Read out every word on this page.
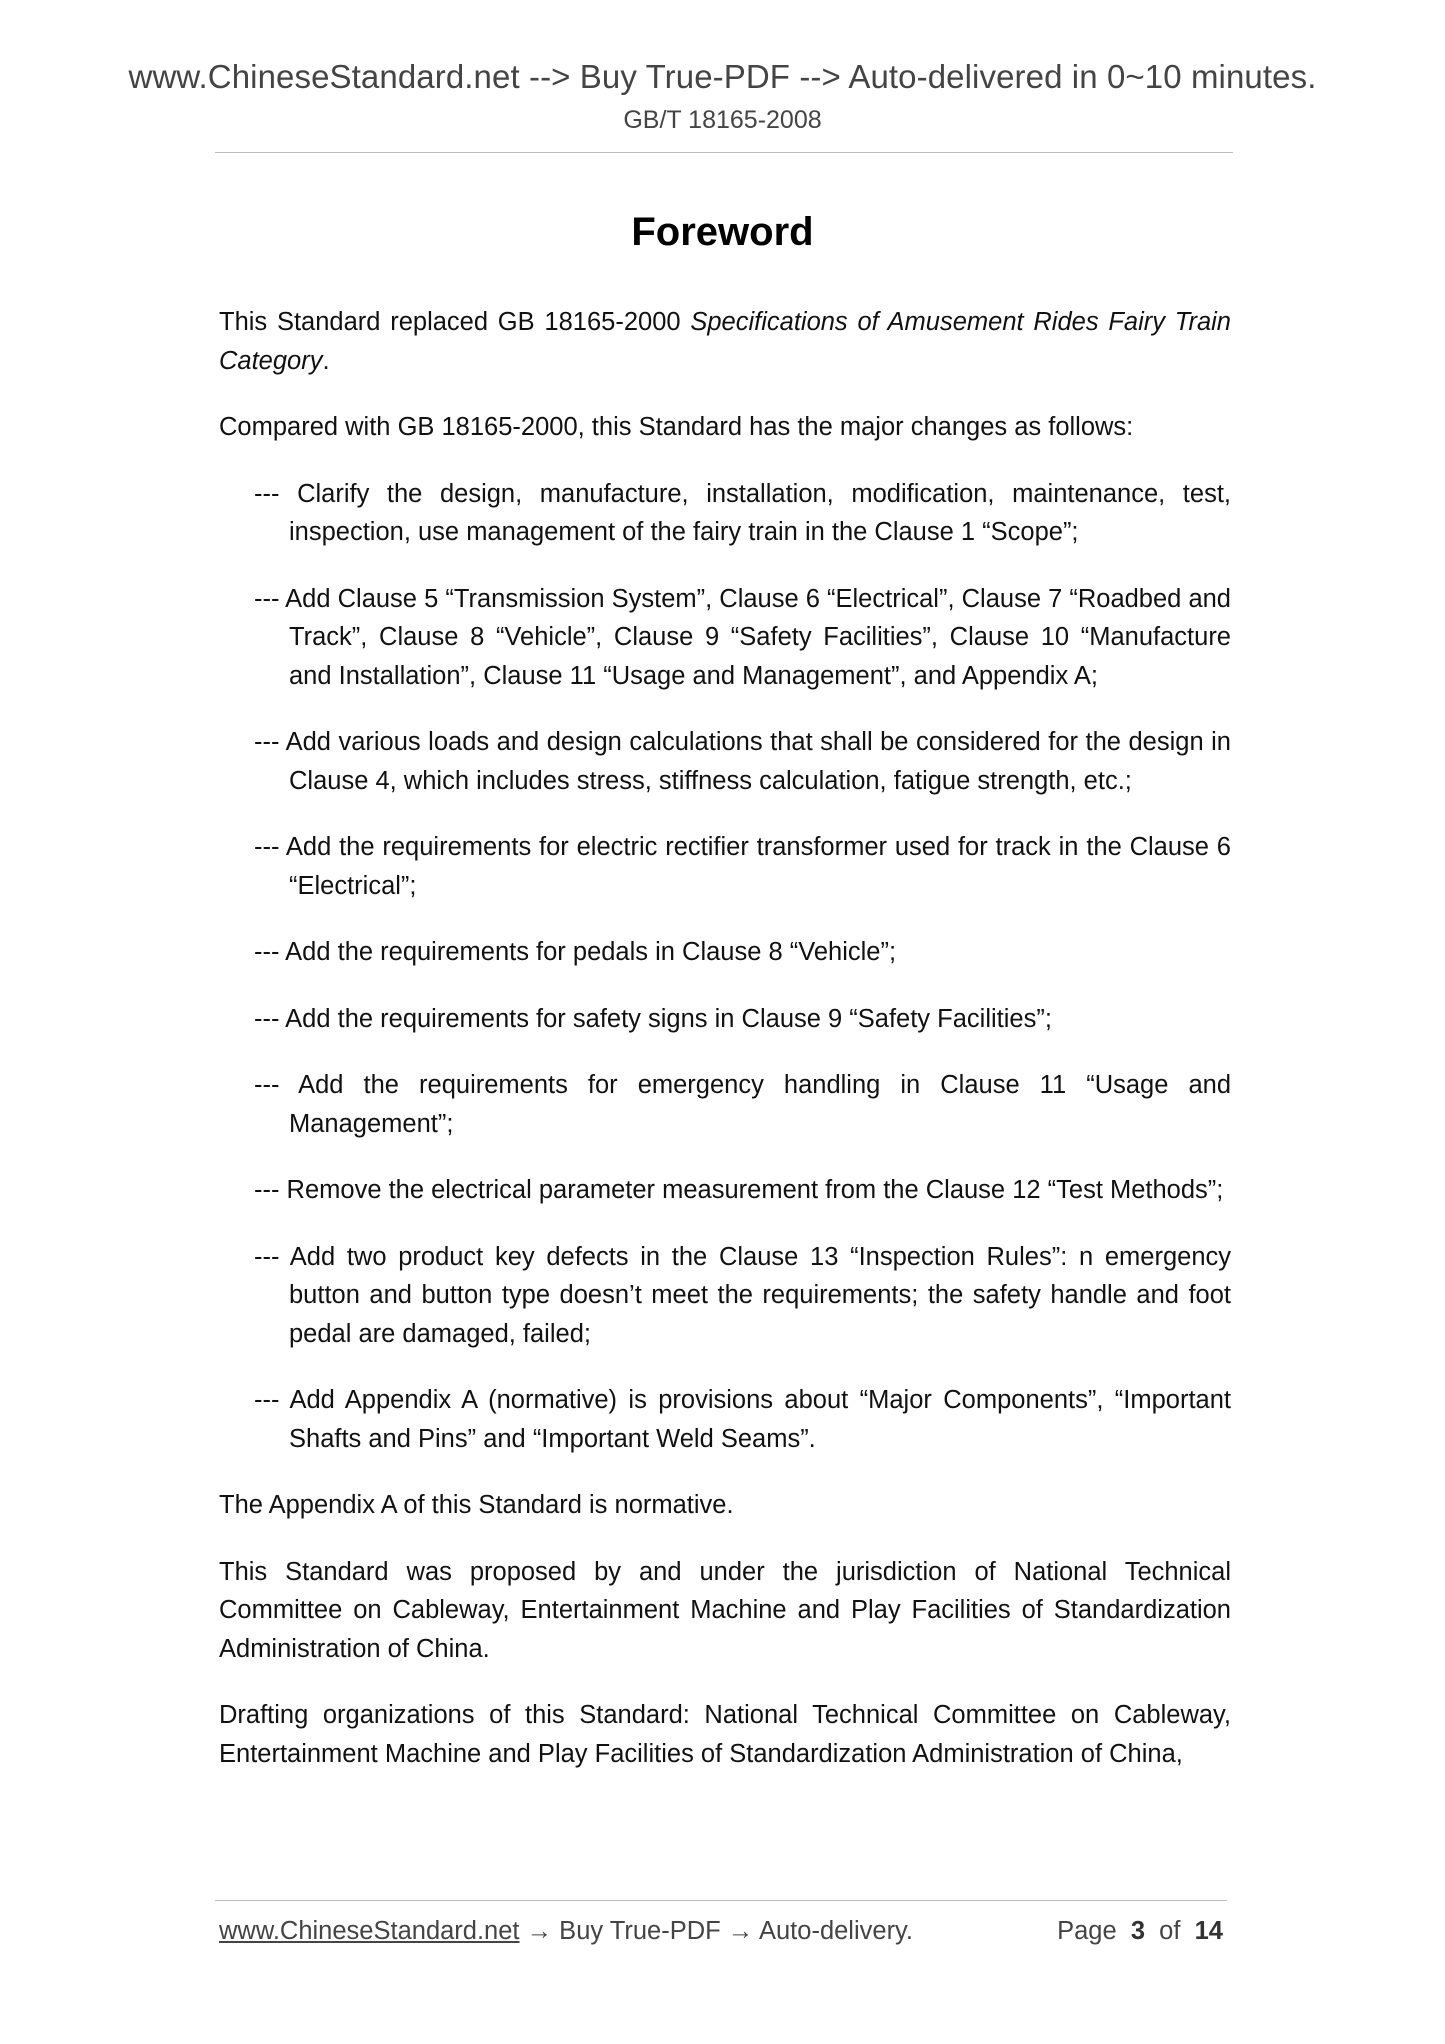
www.ChineseStandard.net --> Buy True-PDF --> Auto-delivered in 0~10 minutes.
GB/T 18165-2008
Foreword

This Standard replaced GB 18165-2000 Specifications of Amusement Rides Fairy Train Category.

Compared with GB 18165-2000, this Standard has the major changes as follows:

--- Clarify the design, manufacture, installation, modification, maintenance, test, inspection, use management of the fairy train in the Clause 1 “Scope”;
--- Add Clause 5 “Transmission System”, Clause 6 “Electrical”, Clause 7 “Roadbed and Track”, Clause 8 “Vehicle”, Clause 9 “Safety Facilities”, Clause 10 “Manufacture and Installation”, Clause 11 “Usage and Management”, and Appendix A;
--- Add various loads and design calculations that shall be considered for the design in Clause 4, which includes stress, stiffness calculation, fatigue strength, etc.;
--- Add the requirements for electric rectifier transformer used for track in the Clause 6 “Electrical”;
--- Add the requirements for pedals in Clause 8 “Vehicle”;
--- Add the requirements for safety signs in Clause 9 “Safety Facilities”;
--- Add the requirements for emergency handling in Clause 11 “Usage and Management”;
--- Remove the electrical parameter measurement from the Clause 12 “Test Methods”;
--- Add two product key defects in the Clause 13 “Inspection Rules”: n emergency button and button type doesn’t meet the requirements; the safety handle and foot pedal are damaged, failed;
--- Add Appendix A (normative) is provisions about “Major Components”, “Important Shafts and Pins” and “Important Weld Seams”.

The Appendix A of this Standard is normative.

This Standard was proposed by and under the jurisdiction of National Technical Committee on Cableway, Entertainment Machine and Play Facilities of Standardization Administration of China.

Drafting organizations of this Standard: National Technical Committee on Cableway, Entertainment Machine and Play Facilities of Standardization Administration of China,

www.ChineseStandard.net → Buy True-PDF → Auto-delivery.	Page 3 of 14
